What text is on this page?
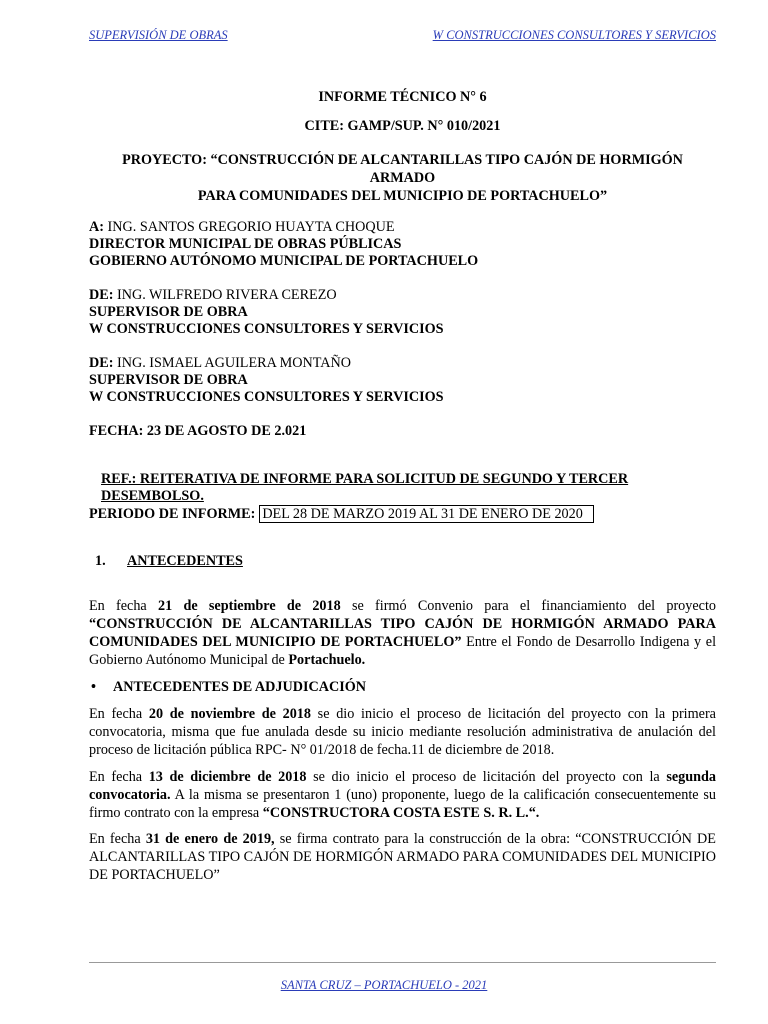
SUPERVISIÓN DE OBRAS	W CONSTRUCCIONES CONSULTORES Y SERVICIOS
INFORME TÉCNICO N° 6
CITE: GAMP/SUP. N° 010/2021
PROYECTO: “CONSTRUCCIÓN DE ALCANTARILLAS TIPO CAJÓN DE HORMIGÓN ARMADO
PARA COMUNIDADES DEL MUNICIPIO DE PORTACHUELO”
A: ING. SANTOS GREGORIO HUAYTA CHOQUE
DIRECTOR MUNICIPAL DE OBRAS PÚBLICAS
GOBIERNO AUTÓNOMO MUNICIPAL DE PORTACHUELO
DE: ING. WILFREDO RIVERA CEREZO
SUPERVISOR DE OBRA
W CONSTRUCCIONES CONSULTORES Y SERVICIOS
DE: ING. ISMAEL AGUILERA MONTAÑO
SUPERVISOR DE OBRA
W CONSTRUCCIONES CONSULTORES Y SERVICIOS
FECHA: 23 DE AGOSTO DE 2.021
REF.: REITERATIVA DE INFORME PARA SOLICITUD DE SEGUNDO Y TERCER DESEMBOLSO.
PERIODO DE INFORME: DEL 28 DE MARZO 2019 AL 31 DE ENERO DE 2020
1. ANTECEDENTES
En fecha 21 de septiembre de 2018 se firmó Convenio para el financiamiento del proyecto “CONSTRUCCIÓN DE ALCANTARILLAS TIPO CAJÓN DE HORMIGÓN ARMADO PARA COMUNIDADES DEL MUNICIPIO DE PORTACHUELO” Entre el Fondo de Desarrollo Indigena y el Gobierno Autónomo Municipal de Portachuelo.
• ANTECEDENTES DE ADJUDICACIÓN
En fecha 20 de noviembre de 2018 se dio inicio el proceso de licitación del proyecto con la primera convocatoria, misma que fue anulada desde su inicio mediante resolución administrativa de anulación del proceso de licitación pública RPC- N° 01/2018 de fecha.11 de diciembre de 2018.
En fecha 13 de diciembre de 2018 se dio inicio el proceso de licitación del proyecto con la segunda convocatoria. A la misma se presentaron 1 (uno) proponente, luego de la calificación consecuentemente su firmo contrato con la empresa “CONSTRUCTORA COSTA ESTE S. R. L.“.
En fecha 31 de enero de 2019, se firma contrato para la construcción de la obra: “CONSTRUCCIÓN DE ALCANTARILLAS TIPO CAJÓN DE HORMIGÓN ARMADO PARA COMUNIDADES DEL MUNICIPIO DE PORTACHUELO”
SANTA CRUZ – PORTACHUELO - 2021
